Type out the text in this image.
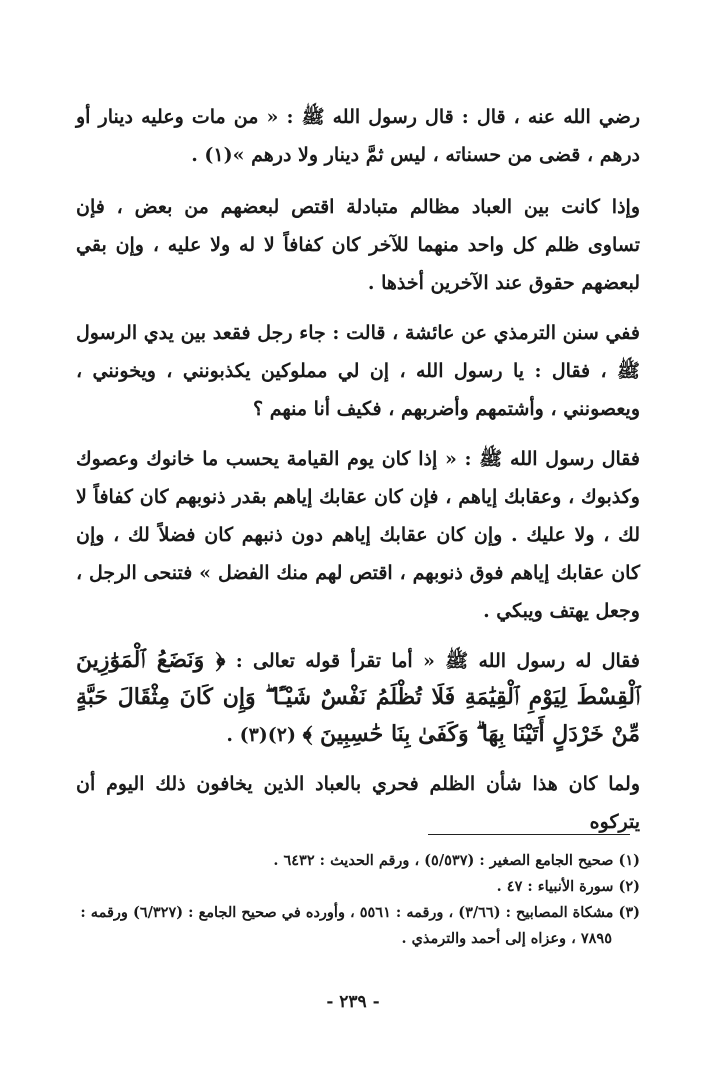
رضي الله عنه ، قال : قال رسول الله ﷺ : « من مات وعليه دينار أو درهم ، قضى من حسناته ، ليس ثمَّ دينار ولا درهم »(١) .

وإذا كانت بين العباد مظالم متبادلة اقتص لبعضهم من بعض ، فإن تساوى ظلم كل واحد منهما للآخر كان كفافاً لا له ولا عليه ، وإن بقي لبعضهم حقوق عند الآخرين أخذها .

ففي سنن الترمذي عن عائشة ، قالت : جاء رجل فقعد بين يدي الرسول ﷺ ، فقال : يا رسول الله ، إن لي مملوكين يكذبونني ، ويخونني ، ويعصونني ، وأشتمهم وأضربهم ، فكيف أنا منهم ؟

فقال رسول الله ﷺ : « إذا كان يوم القيامة يحسب ما خانوك وعصوك وكذبوك ، وعقابك إياهم ، فإن كان عقابك إياهم بقدر ذنوبهم كان كفافاً لا لك ، ولا عليك . وإن كان عقابك إياهم دون ذنبهم كان فضلاً لك ، وإن كان عقابك إياهم فوق ذنوبهم ، اقتص لهم منك الفضل » فتنحى الرجل ، وجعل يهتف ويبكي .

فقال له رسول الله ﷺ « أما تقرأ قوله تعالى : ﴿ وَنَضَعُ ٱلْمَوَٰزِينَ ٱلْقِسْطَ لِيَوْمِ ٱلْقِيَٰمَةِ فَلَا تُظْلَمُ نَفْسٌ شَيْـًٔا ۖ وَإِن كَانَ مِثْقَالَ حَبَّةٍ مِّنْ خَرْدَلٍ أَتَيْنَا بِهَا ۗ وَكَفَىٰ بِنَا حَٰسِبِينَ ﴾ (٢)(٣) .

ولما كان هذا شأن الظلم فحري بالعباد الذين يخافون ذلك اليوم أن يتركوه

(١) صحيح الجامع الصغير : (٥/٥٣٧) ، ورقم الحديث : ٦٤٣٢ .

(٢) سورة الأنبياء : ٤٧ .

(٣) مشكاة المصابيح : (٣/٦٦) ، ورقمه : ٥٥٦١ ، وأورده في صحيح الجامع : (٦/٣٢٧) ورقمه :

٧٨٩٥ ، وعزاه إلى أحمد والترمذي .

- ٢٣٩ -
